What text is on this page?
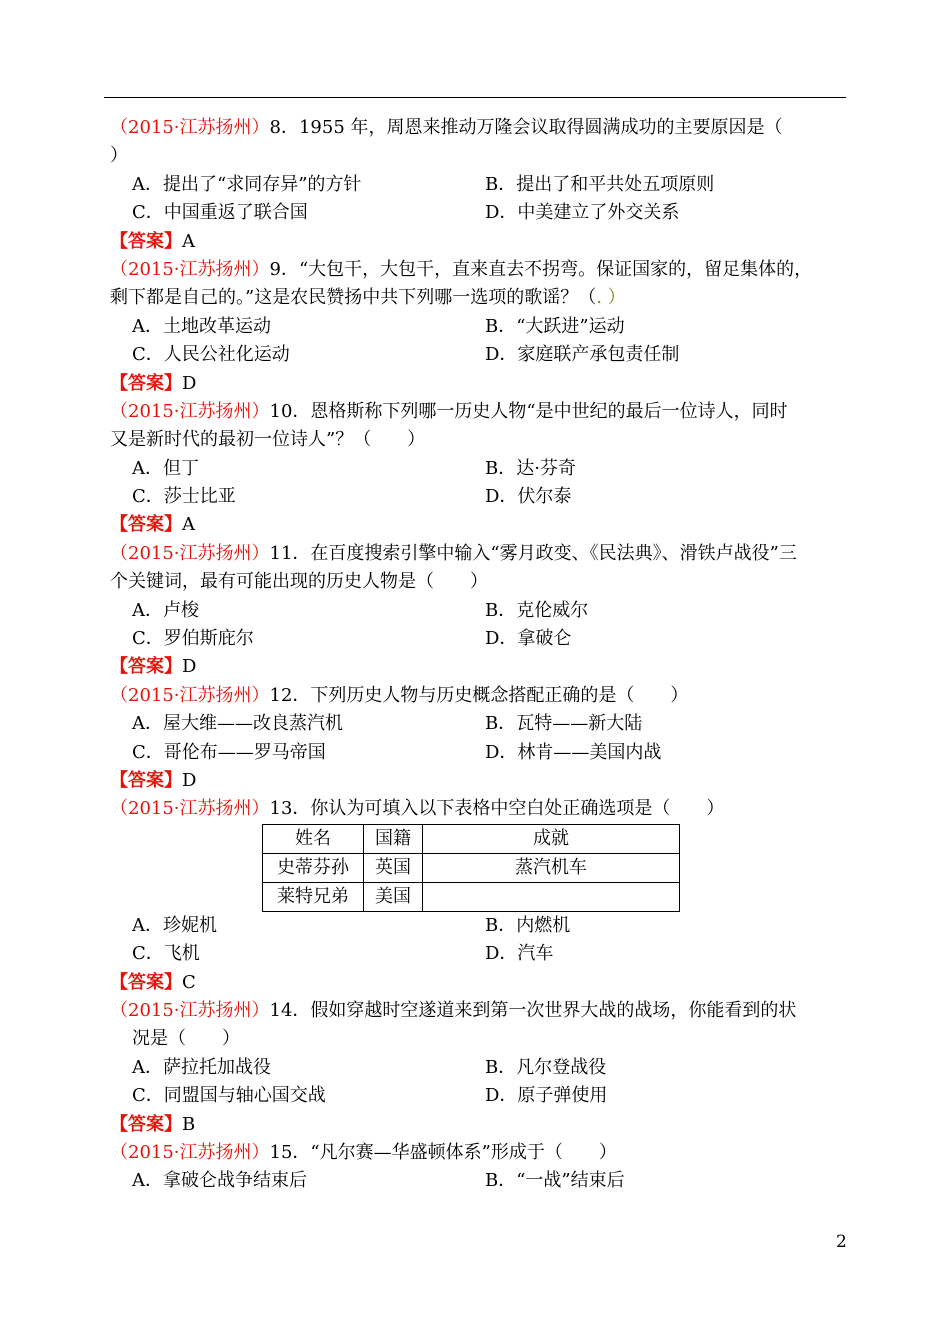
（2015·江苏扬州）8．1955 年，周恩来推动万隆会议取得圆满成功的主要原因是（
）
A．提出了“求同存异”的方针	B．提出了和平共处五项原则
C．中国重返了联合国	D．中美建立了外交关系
【答案】A
（2015·江苏扬州）9．“大包干，大包干，直来直去不拐弯。保证国家的，留足集体的，
剩下都是自己的。”这是农民赞扬中共下列哪一选项的歌谣？（. ）
A．土地改革运动	B．“大跃进”运动
C．人民公社化运动	D．家庭联产承包责任制
【答案】D
（2015·江苏扬州）10．恩格斯称下列哪一历史人物“是中世纪的最后一位诗人，同时
又是新时代的最初一位诗人”？（　　）
A．但丁	B．达·芬奇
C．莎士比亚	D．伏尔泰
【答案】A
（2015·江苏扬州）11．在百度搜索引擎中输入“雾月政变、《民法典》、滑铁卢战役”三
个关键词，最有可能出现的历史人物是（　　）
A．卢梭	B．克伦威尔
C．罗伯斯庇尔	D．拿破仑
【答案】D
（2015·江苏扬州）12．下列历史人物与历史概念搭配正确的是（　　）
A．屋大维——改良蒸汽机	B．瓦特——新大陆
C．哥伦布——罗马帝国	D．林肯——美国内战
【答案】D
（2015·江苏扬州）13．你认为可填入以下表格中空白处正确选项是（　　）
姓名	国籍	成就
史蒂芬孙	英国	蒸汽机车
莱特兄弟	美国	
A．珍妮机	B．内燃机
C．飞机	D．汽车
【答案】C
（2015·江苏扬州）14．假如穿越时空遂道来到第一次世界大战的战场，你能看到的状
况是（　　）
A．萨拉托加战役	B．凡尔登战役
C．同盟国与轴心国交战	D．原子弹使用
【答案】B
（2015·江苏扬州）15．“凡尔赛—华盛顿体系”形成于（　　）
A．拿破仑战争结束后	B．“一战”结束后
2
